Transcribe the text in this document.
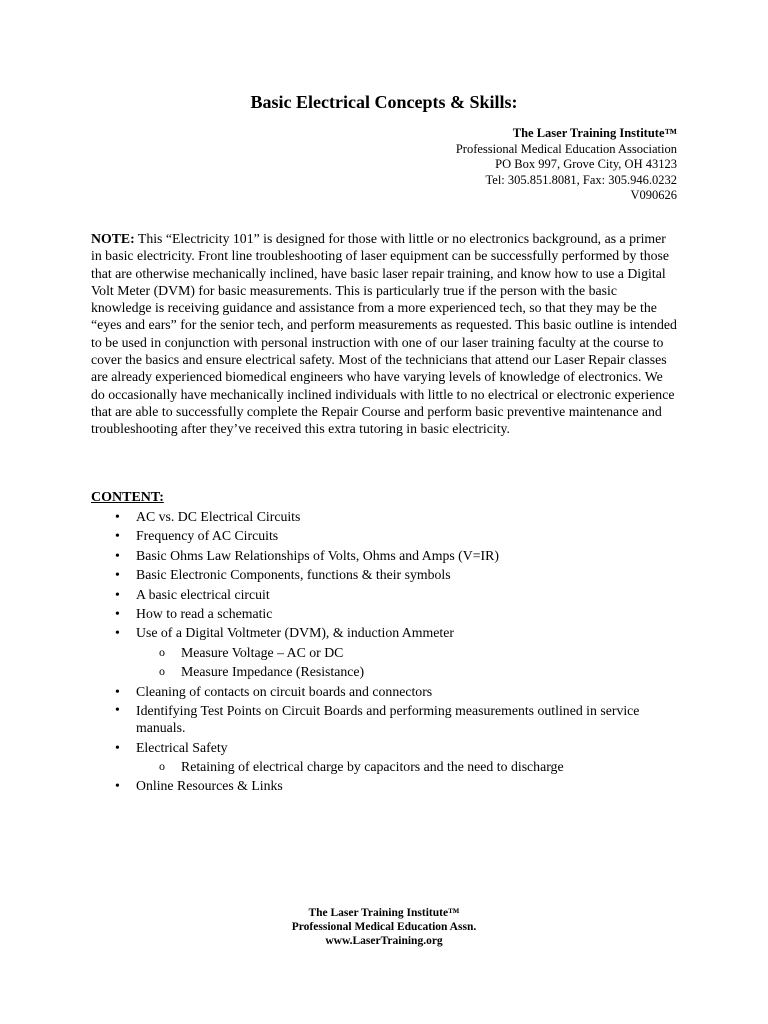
Basic Electrical Concepts & Skills:
The Laser Training Institute™
Professional Medical Education Association
PO Box 997, Grove City, OH 43123
Tel: 305.851.8081, Fax: 305.946.0232
V090626

NOTE: This “Electricity 101” is designed for those with little or no electronics background, as a primer in basic electricity. Front line troubleshooting of laser equipment can be successfully performed by those that are otherwise mechanically inclined, have basic laser repair training, and know how to use a Digital Volt Meter (DVM) for basic measurements. This is particularly true if the person with the basic knowledge is receiving guidance and assistance from a more experienced tech, so that they may be the “eyes and ears” for the senior tech, and perform measurements as requested. This basic outline is intended to be used in conjunction with personal instruction with one of our laser training faculty at the course to cover the basics and ensure electrical safety. Most of the technicians that attend our Laser Repair classes are already experienced biomedical engineers who have varying levels of knowledge of electronics. We do occasionally have mechanically inclined individuals with little to no electrical or electronic experience that are able to successfully complete the Repair Course and perform basic preventive maintenance and troubleshooting after they’ve received this extra tutoring in basic electricity.

CONTENT:

• AC vs. DC Electrical Circuits
• Frequency of AC Circuits
• Basic Ohms Law Relationships of Volts, Ohms and Amps (V=IR)
• Basic Electronic Components, functions & their symbols
• A basic electrical circuit
• How to read a schematic
• Use of a Digital Voltmeter (DVM), & induction Ammeter
o Measure Voltage – AC or DC
o Measure Impedance (Resistance)
• Cleaning of contacts on circuit boards and connectors
• Identifying Test Points on Circuit Boards and performing measurements outlined in service manuals.
• Electrical Safety
o Retaining of electrical charge by capacitors and the need to discharge
• Online Resources & Links
The Laser Training Institute™
Professional Medical Education Assn.
www.LaserTraining.org
